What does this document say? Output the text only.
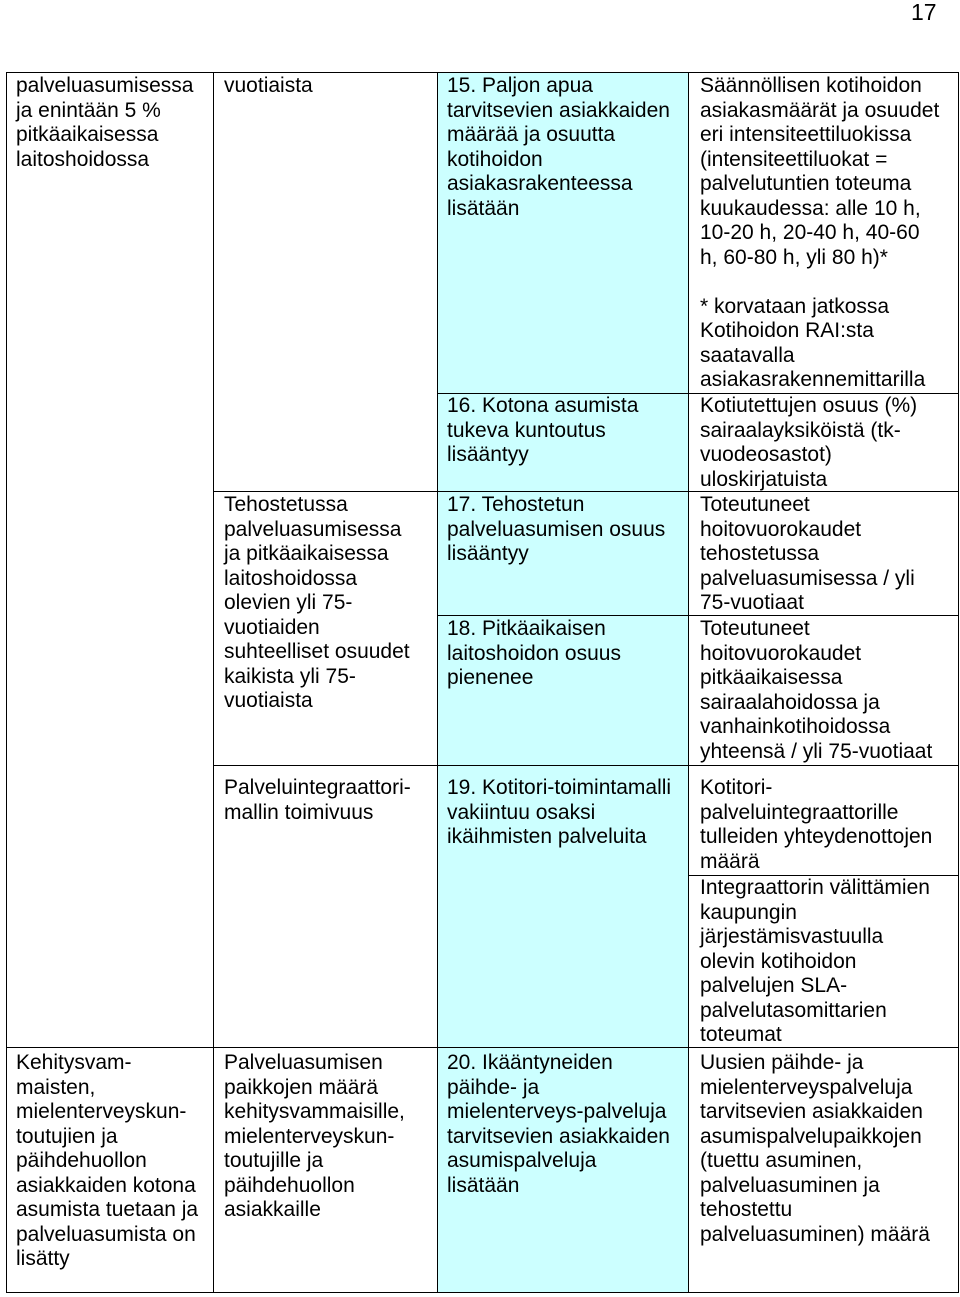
17
palveluasumisessa
ja enintään 5 %
pitkäaikaisessa
laitoshoidossa
Kehitysvam-
maisten,
mielenterveyskun-
toutujien ja
päihdehuollon
asiakkaiden kotona
asumista tuetaan ja
palveluasumista on
lisätty
vuotiaista
Tehostetussa
palveluasumisessa
ja pitkäaikaisessa
laitoshoidossa
olevien yli 75-
vuotiaiden
suhteelliset osuudet
kaikista yli 75-
vuotiaista
Palveluintegraattori-
mallin toimivuus
Palveluasumisen
paikkojen määrä
kehitysvammaisille,
mielenterveyskun-
toutujille ja
päihdehuollon
asiakkaille
15. Paljon apua
tarvitsevien asiakkaiden
määrää ja osuutta
kotihoidon
asiakasrakenteessa
lisätään
16. Kotona asumista
tukeva kuntoutus
lisääntyy
17. Tehostetun
palveluasumisen osuus
lisääntyy
18. Pitkäaikaisen
laitoshoidon osuus
pienenee
19. Kotitori-toimintamalli
vakiintuu osaksi
ikäihmisten palveluita
20. Ikääntyneiden
päihde- ja
mielenterveys-palveluja
tarvitsevien asiakkaiden
asumispalveluja
lisätään
Säännöllisen kotihoidon
asiakasmäärät ja osuudet
eri intensiteettiluokissa
(intensiteettiluokat =
palvelutuntien toteuma
kuukaudessa: alle 10 h,
10-20 h, 20-40 h, 40-60
h, 60-80 h, yli 80 h)*

* korvataan jatkossa
Kotihoidon RAI:sta
saatavalla
asiakasrakennemittarilla
Kotiutettujen osuus (%)
sairaalayksiköistä (tk-
vuodeosastot)
uloskirjatuista
Toteutuneet
hoitovuorokaudet
tehostetussa
palveluasumisessa / yli
75-vuotiaat
Toteutuneet
hoitovuorokaudet
pitkäaikaisessa
sairaalahoidossa ja
vanhainkotihoidossa
yhteensä / yli 75-vuotiaat
Kotitori-
palveluintegraattorille
tulleiden yhteydenottojen
määrä
Integraattorin välittämien
kaupungin
järjestämisvastuulla
olevin kotihoidon
palvelujen SLA-
palvelutasomittarien
toteumat
Uusien päihde- ja
mielenterveyspalveluja
tarvitsevien asiakkaiden
asumispalvelupaikkojen
(tuettu asuminen,
palveluasuminen ja
tehostettu
palveluasuminen) määrä
